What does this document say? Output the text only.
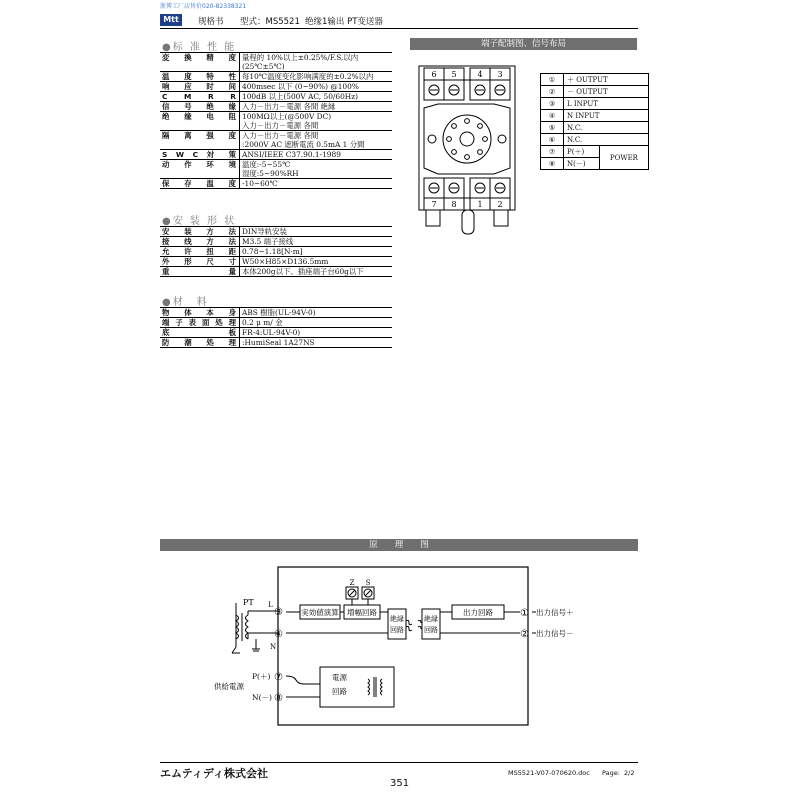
浙博工厂店售价020-82338321
Mtt	规格书 型式：MS5521 绝缘1输出 PT变送器
●标 准 性 能
変 換 精 度	量程的 10%以上±0.25%/F.S,以内
	(25℃±5℃)
温 度 特 性	每10℃温度变化影响满度的±0.2%以内
响 应 时 间	400msec 以下 (0~90%) @100%
C M R R	100dB 以上(500V AC, 50/60Hz)
信 号 绝 缘	入力－出力－電源 各間 絶縁
绝 缘 电 阻	100MΩ以上(@500V DC)
	入力－出力－電源 各間
隔 离 强 度	入力－出力－電源 各間
	:2000V AC 遮断電流 0.5mA 1 分間
S W C 対 策	ANSI/IEEE C37.90.1-1989
动 作 环 境	温度:-5~55℃
	湿度:5~90%RH
保 存 温 度	-10~60℃
●安 装 形 状
安 装 方 法	DIN导轨安装
接 线 方 法	M3.5 端子接线
允 许 扭 距	0.78~1.18[N·m]
外 形 尺 寸	W50×H85×D136.5mm
重　　　量	本体200g以下、插座端子台60g以下
●材　料
物 体 本 身	ABS 樹脂(UL-94V-0)
端子表面処理	0.2 μ m/ 金
底　　　板	FR-4:UL-94V-0)
防 潮 処 理	:HumiSeal 1A27NS
端子配制图、信号布局
6 5	4 3
7 8	1 2
①	＋ OUTPUT	
②	－ OUTPUT	
③	L INPUT	
④	N INPUT	
⑤	N.C.	
⑥	N.C.	
⑦	P(＋)	POWER
⑧	N(－)	
原　　理　　图
PT L
N
③
④
実効値演算
Z S
増幅回路
絶縁
回路
絶縁
回路
出力回路	①
②
出力信号＋
出力信号－
供給電源
P(＋)
N(－)
⑦
⑧
電源
回路
エムティディ株式会社	MS5521-V07-070620.doc Page: 2/2
351
